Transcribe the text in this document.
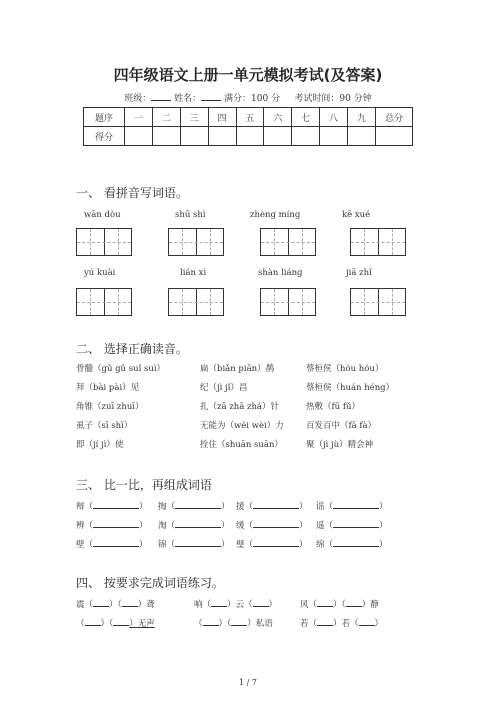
四年级语文上册一单元模拟考试(及答案)
班级：	姓名：	满分：100 分 考试时间：90 分钟
题序	一	二	三	四	五	六	七	八	九	总分
得分										
一、 看拼音写词语。
wān dòu	shū shì	zhèng míng	kē xué
yú kuài	lián xì	shàn liáng	jiā zhǐ
二、 选择正确读音。
骨髓（gǔ gǔ suǐ suì）	扁（biǎn piān）鹊	蔡桓侯（hóu hóu）
拜（bài pài）见	纪（jì jǐ）昌	蔡桓侯（huán héng）
角锥（zuī zhuī）	扎（zā zhā zhá）针	热敷（fū fǔ）
虱子（sī shī）	无能为（wéi wèi）力	百发百中（fā fà）
即（jí jì）使	拴住（shuān suān）	聚（jì jù）精会神
三、 比一比，再组成词语
辩（	） 掏（	） 援（	） 谣（	）
辨（	） 淘（	） 缓（	） 遥（	）
壁（	） 锦（	） 璧（	） 绵（	）
四、 按要求完成词语练习。
震（ ）（ ）聋	响（ ）云（ ）	风（ ）（ ）静
（ ）（ ）无声	（ ）（ ）私语	若（ ）若（ ）
1 / 7
